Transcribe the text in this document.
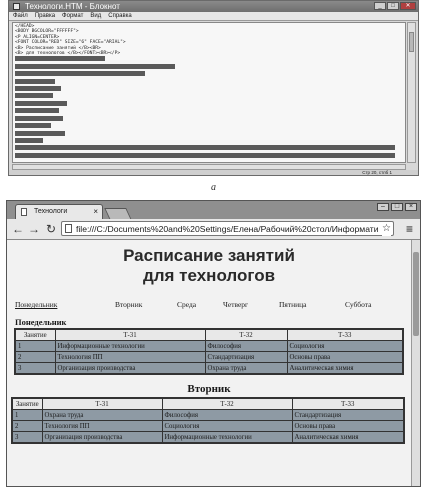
Технологи.HTM - Блокнот	_	□	✕
Файл Правка Формат Вид Справка
</HEAD>
<BODY BGCOLOR="FFFFFF">
<P ALIGN=CENTER>
<FONT COLOR="RED" SIZE="6" FACE="ARIAL">
<B> Расписание занятий </B><BR>
<B> для технологов </B></FONT><BR></P>

Стр 20, стлб 1
а
Технологи	×
–	□	×
← → ↻	file:///C:/Documents%20and%20Settings/Елена/Рабочий%20стол/Информати ☆ ≡
Расписание занятий
для технологов
Понедельник	Вторник	Среда	Четверг	Пятница	Суббота
Понедельник
Занятие	Т-31	Т-32	Т-33
1	Информационные технологии	Философия	Социология
2	Технология ПП	Стандартизация	Основы права
3	Организация производства	Охрана труда	Аналитическая химия
Вторник
Занятие	Т-31	Т-32	Т-33
1	Охрана труда	Философия	Стандартизация
2	Технология ПП	Социология	Основы права
3	Организация производства	Информационные технологии	Аналитическая химия
